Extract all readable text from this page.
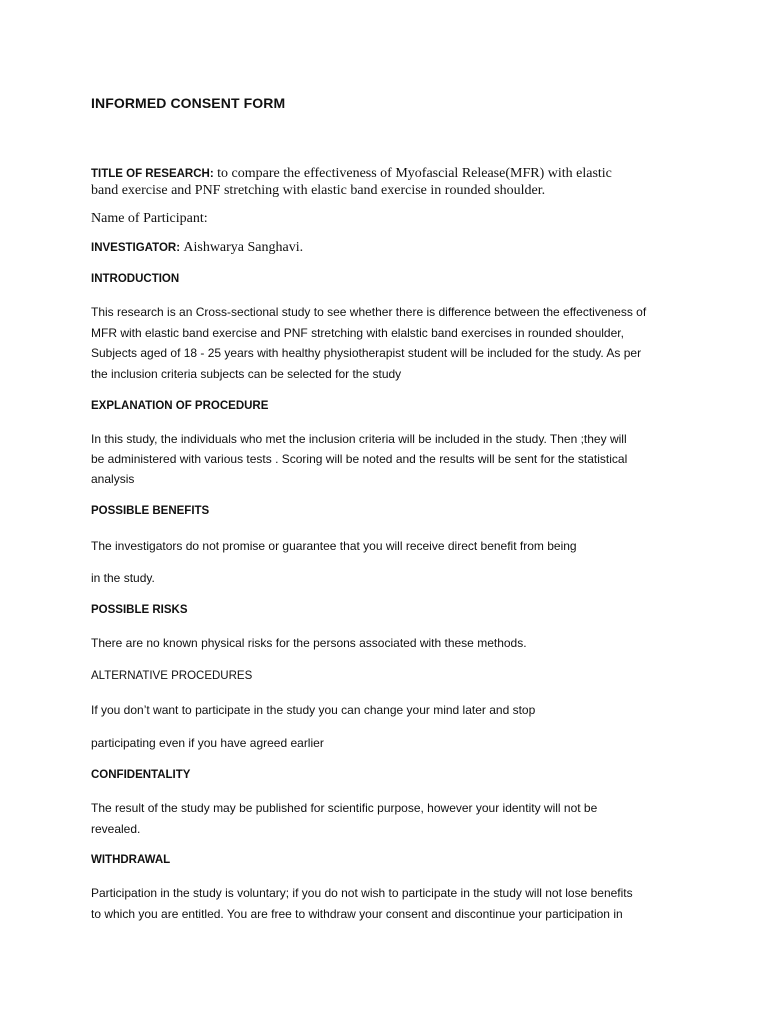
INFORMED CONSENT FORM

TITLE OF RESEARCH: to compare the effectiveness of Myofascial Release(MFR) with elastic

band exercise and PNF stretching with elastic band exercise in rounded shoulder.

Name of Participant:

INVESTIGATOR: Aishwarya Sanghavi.

INTRODUCTION

This research is an Cross-sectional study to see whether there is difference between the effectiveness of

MFR with elastic band exercise and PNF stretching with elalstic band exercises in rounded shoulder,

Subjects aged of 18 - 25 years with healthy physiotherapist student will be included for the study. As per

the inclusion criteria subjects can be selected for the study

EXPLANATION OF PROCEDURE

In this study, the individuals who met the inclusion criteria will be included in the study. Then ;they will

be administered with various tests . Scoring will be noted and the results will be sent for the statistical

analysis

POSSIBLE BENEFITS

The investigators do not promise or guarantee that you will receive direct benefit from being

in the study.

POSSIBLE RISKS

There are no known physical risks for the persons associated with these methods.

ALTERNATIVE PROCEDURES

If you don’t want to participate in the study you can change your mind later and stop

participating even if you have agreed earlier

CONFIDENTALITY

The result of the study may be published for scientific purpose, however your identity will not be

revealed.

WITHDRAWAL

Participation in the study is voluntary; if you do not wish to participate in the study will not lose benefits

to which you are entitled. You are free to withdraw your consent and discontinue your participation in
